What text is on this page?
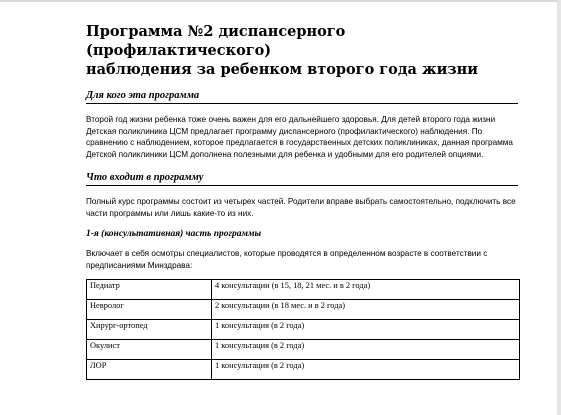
Программа №2 диспансерного (профилактического)
наблюдения за ребенком второго года жизни
Для кого эта программа

Второй год жизни ребенка тоже очень важен для его дальнейшего здоровья. Для детей второго года жизни Детская поликлиника ЦСМ предлагает программу диспансерного (профилактического) наблюдения. По сравнению с наблюдением, которое предлагается в государственных детских поликлиниках, данная программа Детской поликлиники ЦСМ дополнена полезными для ребенка и удобными для его родителей опциями.

Что входит в программу

Полный курс программы состоит из четырех частей. Родители вправе выбрать самостоятельно, подключить все части программы или лишь какие-то из них.

1-я (консультативная) часть программы

Включает в себя осмотры специалистов, которые проводятся в определенном возрасте в соответствии с предписаниями Минздрава:

Педиатр	4 консультации (в 15, 18, 21 мес. и в 2 года)
Невролог	2 консультации (в 18 мес. и в 2 года)
Хирург-ортопед	1 консультация (в 2 года)
Окулист	1 консультация (в 2 года)
ЛОР	1 консультация (в 2 года)
